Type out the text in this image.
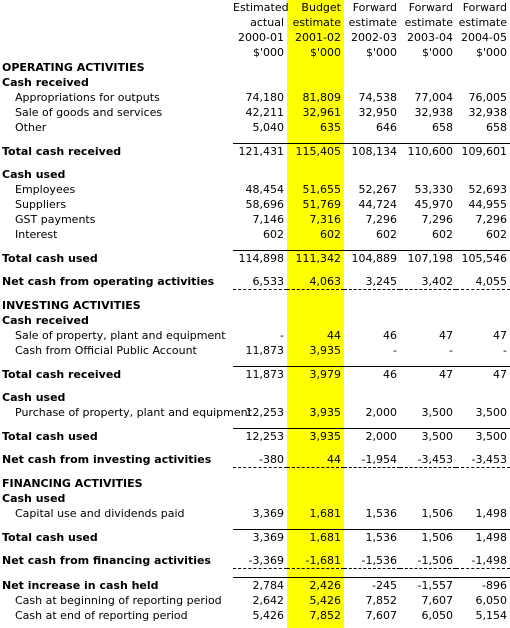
	Estimated	Budget	Forward	Forward	Forward
	actual	estimate	estimate	estimate	estimate
	2000-01	2001-02	2002-03	2003-04	2004-05
	$'000	$'000	$'000	$'000	$'000
OPERATING ACTIVITIES					
Cash received					
Appropriations for outputs	74,180	81,809	74,538	77,004	76,005
Sale of goods and services	42,211	32,961	32,950	32,938	32,938
Other	5,040	635	646	658	658

Total cash received	121,431	115,405	108,134	110,600	109,601

Cash used					
Employees	48,454	51,655	52,267	53,330	52,693
Suppliers	58,696	51,769	44,724	45,970	44,955
GST payments	7,146	7,316	7,296	7,296	7,296
Interest	602	602	602	602	602

Total cash used	114,898	111,342	104,889	107,198	105,546

Net cash from operating activities	6,533	4,063	3,245	3,402	4,055

INVESTING ACTIVITIES					
Cash received					
Sale of property, plant and equipment	-	44	46	47	47
Cash from Official Public Account	11,873	3,935	-	-	-

Total cash received	11,873	3,979	46	47	47

Cash used					
Purchase of property, plant and equipment	12,253	3,935	2,000	3,500	3,500

Total cash used	12,253	3,935	2,000	3,500	3,500

Net cash from investing activities	-380	44	-1,954	-3,453	-3,453

FINANCING ACTIVITIES					
Cash used					
Capital use and dividends paid	3,369	1,681	1,536	1,506	1,498

Total cash used	3,369	1,681	1,536	1,506	1,498

Net cash from financing activities	-3,369	-1,681	-1,536	-1,506	-1,498

Net increase in cash held	2,784	2,426	-245	-1,557	-896
Cash at beginning of reporting period	2,642	5,426	7,852	7,607	6,050
Cash at end of reporting period	5,426	7,852	7,607	6,050	5,154
